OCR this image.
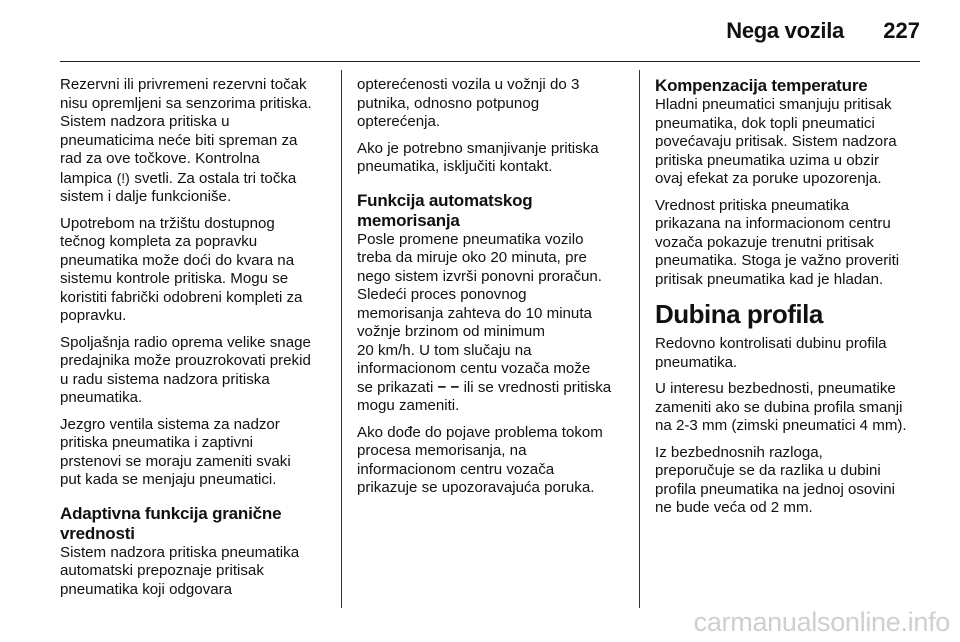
Nega vozila 227

Rezervni ili privremeni rezervni točak
nisu opremljeni sa senzorima pritiska.
Sistem nadzora pritiska u
pneumaticima neće biti spreman za
rad za ove točkove. Kontrolna
lampica (!) svetli. Za ostala tri točka
sistem i dalje funkcioniše.

Upotrebom na tržištu dostupnog
tečnog kompleta za popravku
pneumatika može doći do kvara na
sistemu kontrole pritiska. Mogu se
koristiti fabrički odobreni kompleti za
popravku.

Spoljašnja radio oprema velike snage
predajnika može prouzrokovati prekid
u radu sistema nadzora pritiska
pneumatika.

Jezgro ventila sistema za nadzor
pritiska pneumatika i zaptivni
prstenovi se moraju zameniti svaki
put kada se menjaju pneumatici.

Adaptivna funkcija granične
vrednosti

Sistem nadzora pritiska pneumatika
automatski prepoznaje pritisak
pneumatika koji odgovara

opterećenosti vozila u vožnji do 3
putnika, odnosno potpunog
opterećenja.

Ako je potrebno smanjivanje pritiska
pneumatika, isključiti kontakt.

Funkcija automatskog
memorisanja

Posle promene pneumatika vozilo
treba da miruje oko 20 minuta, pre
nego sistem izvrši ponovni proračun.
Sledeći proces ponovnog
memorisanja zahteva do 10 minuta
vožnje brzinom od minimum
20 km/h. U tom slučaju na
informacionom centu vozača može
se prikazati − − ili se vrednosti pritiska
mogu zameniti.

Ako dođe do pojave problema tokom
procesa memorisanja, na
informacionom centru vozača
prikazuje se upozoravajuća poruka.

Kompenzacija temperature

Hladni pneumatici smanjuju pritisak
pneumatika, dok topli pneumatici
povećavaju pritisak. Sistem nadzora
pritiska pneumatika uzima u obzir
ovaj efekat za poruke upozorenja.

Vrednost pritiska pneumatika
prikazana na informacionom centru
vozača pokazuje trenutni pritisak
pneumatika. Stoga je važno proveriti
pritisak pneumatika kad je hladan.

Dubina profila

Redovno kontrolisati dubinu profila
pneumatika.

U interesu bezbednosti, pneumatike
zameniti ako se dubina profila smanji
na 2-3 mm (zimski pneumatici 4 mm).

Iz bezbednosnih razloga,
preporučuje se da razlika u dubini
profila pneumatika na jednoj osovini
ne bude veća od 2 mm.

carmanualsonline.info
